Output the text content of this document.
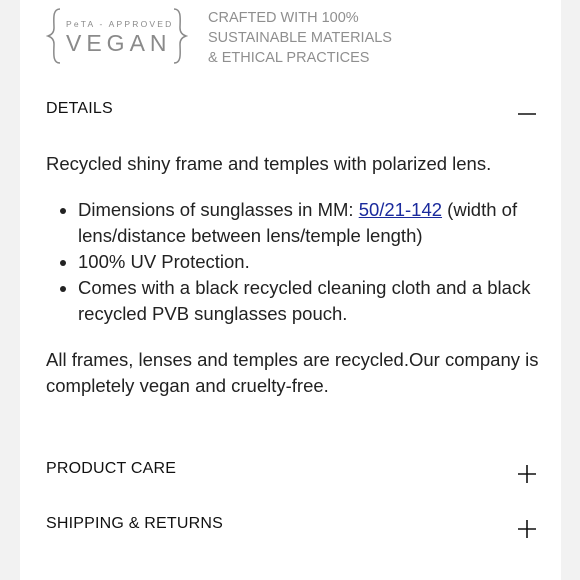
PeTA - APPROVED
VEGAN
CRAFTED WITH 100%
SUSTAINABLE MATERIALS
& ETHICAL PRACTICES
DETAILS

Recycled shiny frame and temples with polarized lens.

• Dimensions of sunglasses in MM: 50/21-142 (width of lens/distance between lens/temple length)
• 100% UV Protection.
• Comes with a black recycled cleaning cloth and a black recycled PVB sunglasses pouch.

All frames, lenses and temples are recycled.Our company is completely vegan and cruelty-free.

PRODUCT CARE
SHIPPING & RETURNS
